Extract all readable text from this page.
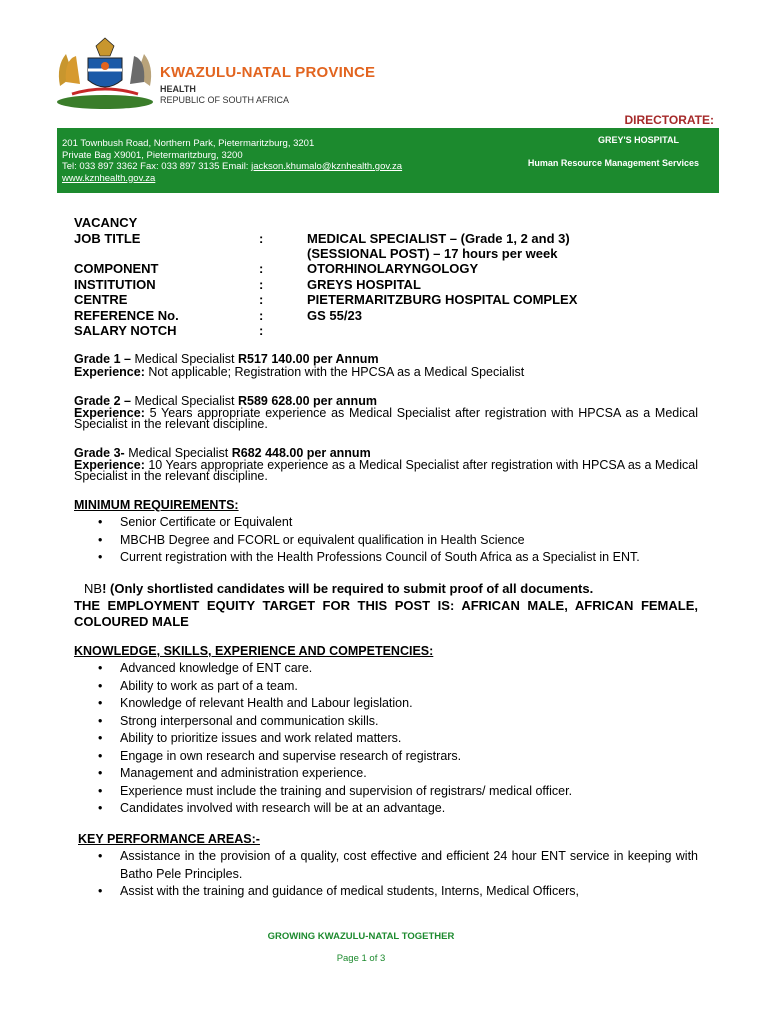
KWAZULU-NATAL PROVINCE
HEALTH
REPUBLIC OF SOUTH AFRICA
DIRECTORATE:
201 Townbush Road, Northern Park, Pietermaritzburg, 3201
Private Bag X9001, Pietermaritzburg, 3200
Tel: 033 897 3362 Fax: 033 897 3135 Email: jackson.khumalo@kznhealth.gov.za
www.kznhealth.gov.za
GREY'S HOSPITAL
Human Resource Management Services
VACANCY
JOB TITLE	:	MEDICAL SPECIALIST – (Grade 1, 2 and 3)
(SESSIONAL POST) – 17 hours per week
COMPONENT	:	OTORHINOLARYNGOLOGY
INSTITUTION	:	GREYS HOSPITAL
CENTRE	:	PIETERMARITZBURG HOSPITAL COMPLEX
REFERENCE No.	:	GS 55/23
SALARY NOTCH	:
Grade 1 – Medical Specialist R517 140.00 per Annum
Experience: Not applicable; Registration with the HPCSA as a Medical Specialist
Grade 2 – Medical Specialist R589 628.00 per annum
Experience: 5 Years appropriate experience as Medical Specialist after registration with HPCSA as a Medical Specialist in the relevant discipline.
Grade 3- Medical Specialist R682 448.00 per annum
Experience: 10 Years appropriate experience as a Medical Specialist after registration with HPCSA as a Medical Specialist in the relevant discipline.
MINIMUM REQUIREMENTS:
• Senior Certificate or Equivalent
• MBCHB Degree and FCORL or equivalent qualification in Health Science
• Current registration with the Health Professions Council of South Africa as a Specialist in ENT.
NB! (Only shortlisted candidates will be required to submit proof of all documents.
THE EMPLOYMENT EQUITY TARGET FOR THIS POST IS: AFRICAN MALE, AFRICAN FEMALE, COLOURED MALE
KNOWLEDGE, SKILLS, EXPERIENCE AND COMPETENCIES:
• Advanced knowledge of ENT care.
• Ability to work as part of a team.
• Knowledge of relevant Health and Labour legislation.
• Strong interpersonal and communication skills.
• Ability to prioritize issues and work related matters.
• Engage in own research and supervise research of registrars.
• Management and administration experience.
• Experience must include the training and supervision of registrars/ medical officer.
• Candidates involved with research will be at an advantage.
KEY PERFORMANCE AREAS:-
• Assistance in the provision of a quality, cost effective and efficient 24 hour ENT service in keeping with Batho Pele Principles.
• Assist with the training and guidance of medical students, Interns, Medical Officers,
GROWING KWAZULU-NATAL TOGETHER
Page 1 of 3
